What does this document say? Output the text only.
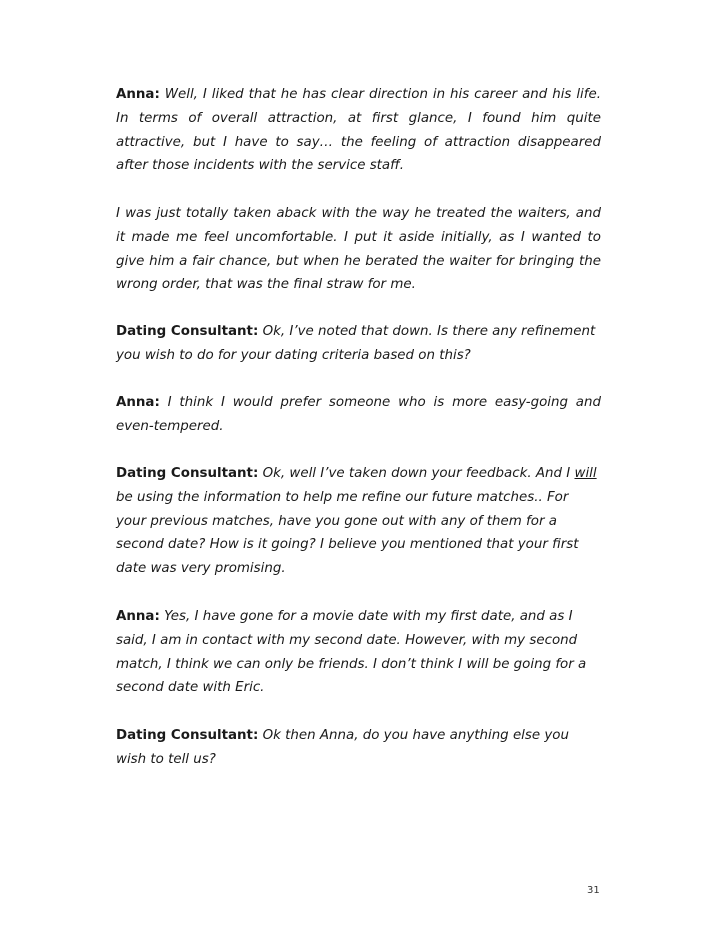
Anna: Well, I liked that he has clear direction in his career and his life. In terms of overall attraction, at first glance, I found him quite attractive, but I have to say… the feeling of attraction disappeared after those incidents with the service staff.

I was just totally taken aback with the way he treated the waiters, and it made me feel uncomfortable. I put it aside initially, as I wanted to give him a fair chance, but when he berated the waiter for bringing the wrong order, that was the final straw for me.

Dating Consultant: Ok, I’ve noted that down. Is there any refinement you wish to do for your dating criteria based on this?

Anna: I think I would prefer someone who is more easy-going and even-tempered.

Dating Consultant: Ok, well I’ve taken down your feedback. And I will be using the information to help me refine our future matches.. For your previous matches, have you gone out with any of them for a second date? How is it going? I believe you mentioned that your first date was very promising.

Anna: Yes, I have gone for a movie date with my first date, and as I said, I am in contact with my second date. However, with my second match, I think we can only be friends. I don’t think I will be going for a second date with Eric.

Dating Consultant: Ok then Anna, do you have anything else you wish to tell us?

31
